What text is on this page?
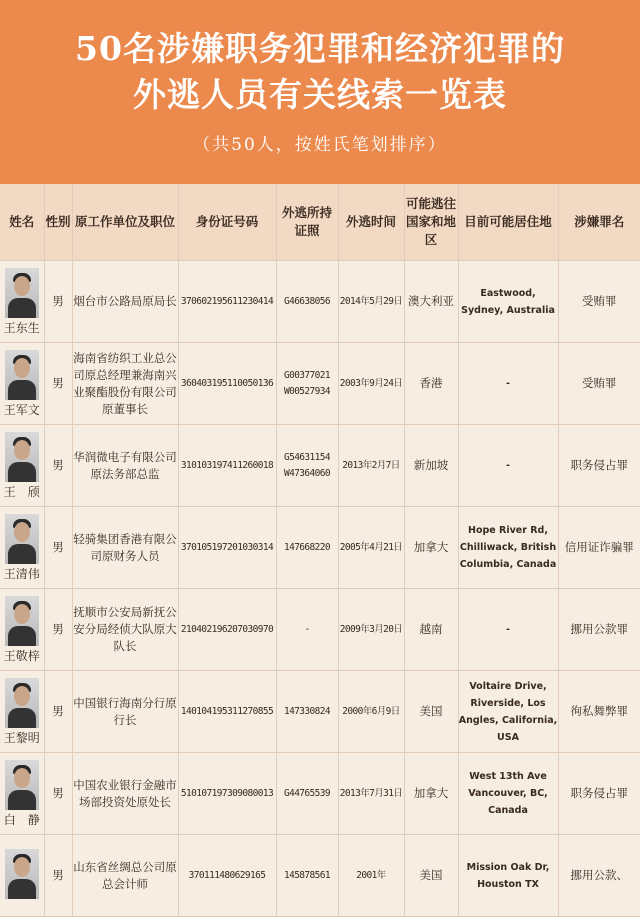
50名涉嫌职务犯罪和经济犯罪的
外逃人员有关线索一览表
（共50人，按姓氏笔划排序）
姓名	性别	原工作单位及职位	身份证号码	外逃所持证照	外逃时间	可能逃往国家和地区	目前可能居住地	涉嫌罪名

王东生	男	烟台市公路局原局长	370602195611230414	G46638056	2014年5月29日	澳大利亚	Eastwood, Sydney, Australia	受贿罪

王军文	男	海南省纺织工业总公司原总经理兼海南兴业聚酯股份有限公司原董事长	360403195110050136	G00377021 W00527934	2003年9月24日	香港	-	受贿罪

王　颀	男	华润微电子有限公司原法务部总监	310103197411260018	G54631154 W47364060	2013年2月7日	新加坡	-	职务侵占罪

王清伟	男	轻骑集团香港有限公司原财务人员	370105197201030314	147668220	2005年4月21日	加拿大	Hope River Rd, Chilliwack, British Columbia, Canada	信用证诈骗罪

王敬梓	男	抚顺市公安局新抚公安分局经侦大队原大队长	210402196207030970	-	2009年3月20日	越南	-	挪用公款罪

王黎明	男	中国银行海南分行原行长	140104195311270855	147330824	2000年6月9日	美国	Voltaire Drive, Riverside, Los Angles, California, USA	徇私舞弊罪

白　静	男	中国农业银行金融市场部投资处原处长	510107197309080013	G44765539	2013年7月31日	加拿大	West 13th Ave Vancouver, BC, Canada	职务侵占罪

	男	山东省丝绸总公司原总会计师	370111480629165	145878561	2001年	美国	Mission Oak Dr, Houston TX	挪用公款、
